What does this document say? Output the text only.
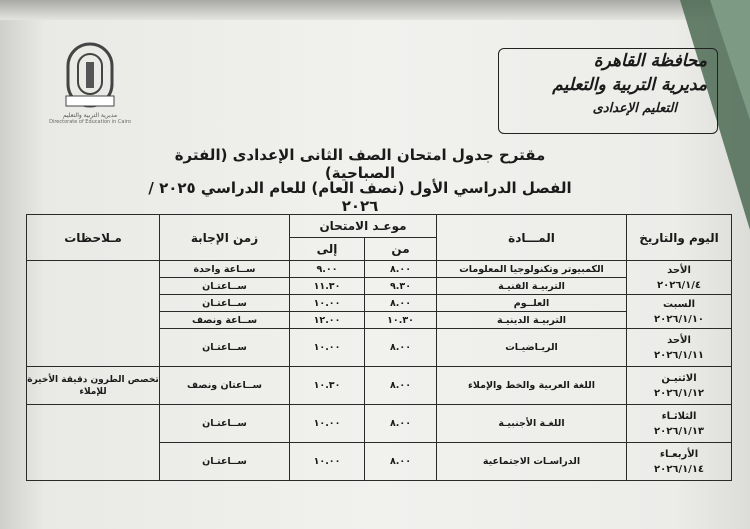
مديرية التربية والتعليم
Directorate of Education in Cairo
محافظة القاهرة
مديرية التربية والتعليم
التعليم الإعدادى
مقترح جدول امتحان الصف الثانى الإعدادى (الفترة الصباحية)
الفصل الدراسي الأول (نصف العام) للعام الدراسي ٢٠٢٥ / ٢٠٢٦
اليوم والتاريخ	المـــادة	موعـد الامتحان		زمن الإجابة	مـلاحظات
		من	إلى		

الأحد
٢٠٢٦/١/٤	الكمبيوتر وتكنولوجيا المعلومات	٨.٠٠	٩.٠٠	ســاعة واحدة	
	التربيـة الفنيـة	٩.٣٠	١١.٣٠	ســاعتـان	

السبت
٢٠٢٦/١/١٠	العلــوم	٨.٠٠	١٠.٠٠	ســاعتـان	
	التربيـة الدينيـة	١٠.٣٠	١٢.٠٠	ســاعة ونصف	

الأحد
٢٠٢٦/١/١١	الريـاضيـات	٨.٠٠	١٠.٠٠	ســاعتـان	

الاثنيـن
٢٠٢٦/١/١٢	اللغة العربية والخط والإملاء	٨.٠٠	١٠.٣٠	ســاعتان ونصف	تخصص الطرون دقيقة الأخيرة للإملاء

الثلاثـاء
٢٠٢٦/١/١٣	اللغـة الأجنبيـة	٨.٠٠	١٠.٠٠	ســاعتـان	

الأربعـاء
٢٠٢٦/١/١٤	الدراسـات الاجتماعية	٨.٠٠	١٠.٠٠	ســاعتـان	
